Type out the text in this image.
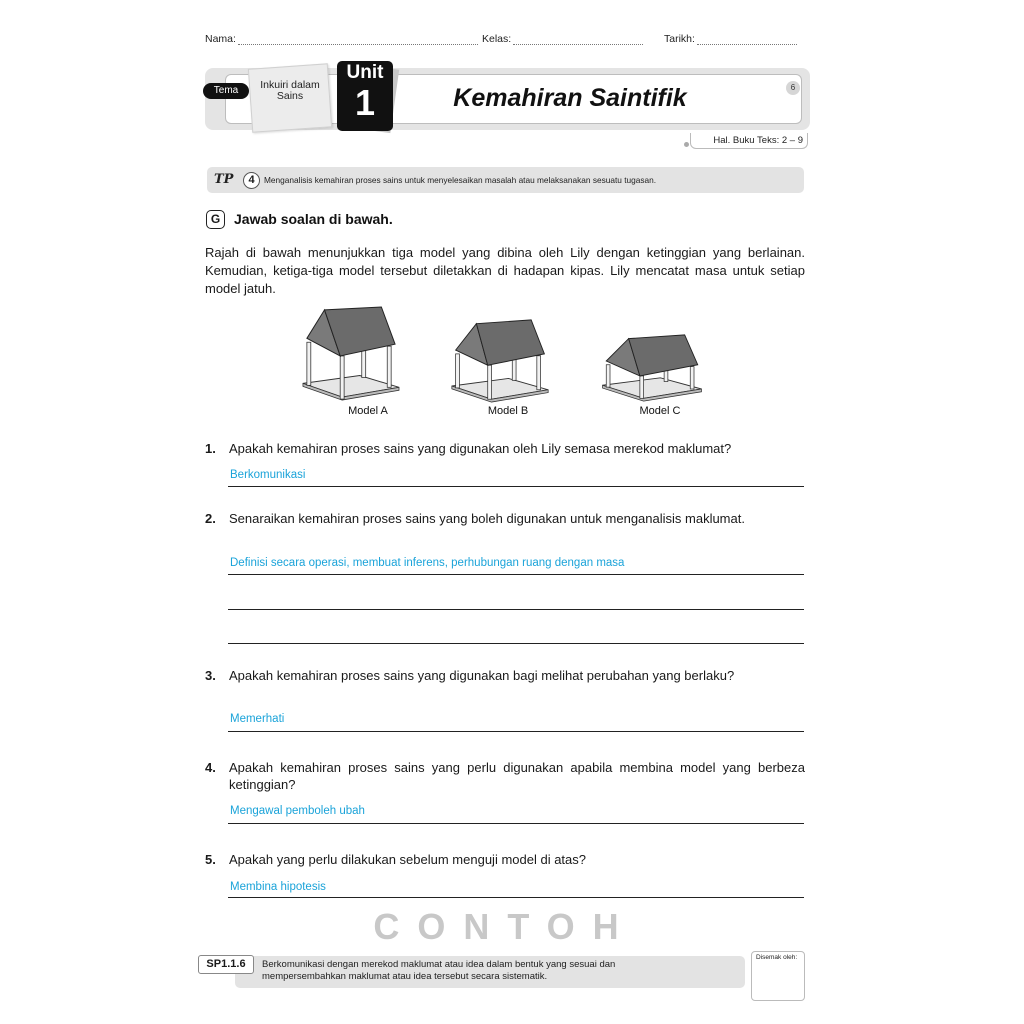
Nama:	Kelas:	Tarikh:
Inkuiri dalam Sains
Tema
Unit
1	Kemahiran Saintifik	6
Hal. Buku Teks: 2 – 9
TP	4	Menganalisis kemahiran proses sains untuk menyelesaikan masalah atau melaksanakan sesuatu tugasan.
G Jawab soalan di bawah.
Rajah di bawah menunjukkan tiga model yang dibina oleh Lily dengan ketinggian yang berlainan. Kemudian, ketiga-tiga model tersebut diletakkan di hadapan kipas. Lily mencatat masa untuk setiap model jatuh.
Model A	Model B	Model C
1. Apakah kemahiran proses sains yang digunakan oleh Lily semasa merekod maklumat?
Berkomunikasi
2. Senaraikan kemahiran proses sains yang boleh digunakan untuk menganalisis maklumat.
Definisi secara operasi, membuat inferens, perhubungan ruang dengan masa
3. Apakah kemahiran proses sains yang digunakan bagi melihat perubahan yang berlaku?
Memerhati
4. Apakah kemahiran proses sains yang perlu digunakan apabila membina model yang berbeza ketinggian?
Mengawal pemboleh ubah
5. Apakah yang perlu dilakukan sebelum menguji model di atas?
Membina hipotesis
CONTOH
SP1.1.6	Berkomunikasi dengan merekod maklumat atau idea dalam bentuk yang sesuai dan
mempersembahkan maklumat atau idea tersebut secara sistematik.
Disemak oleh:
